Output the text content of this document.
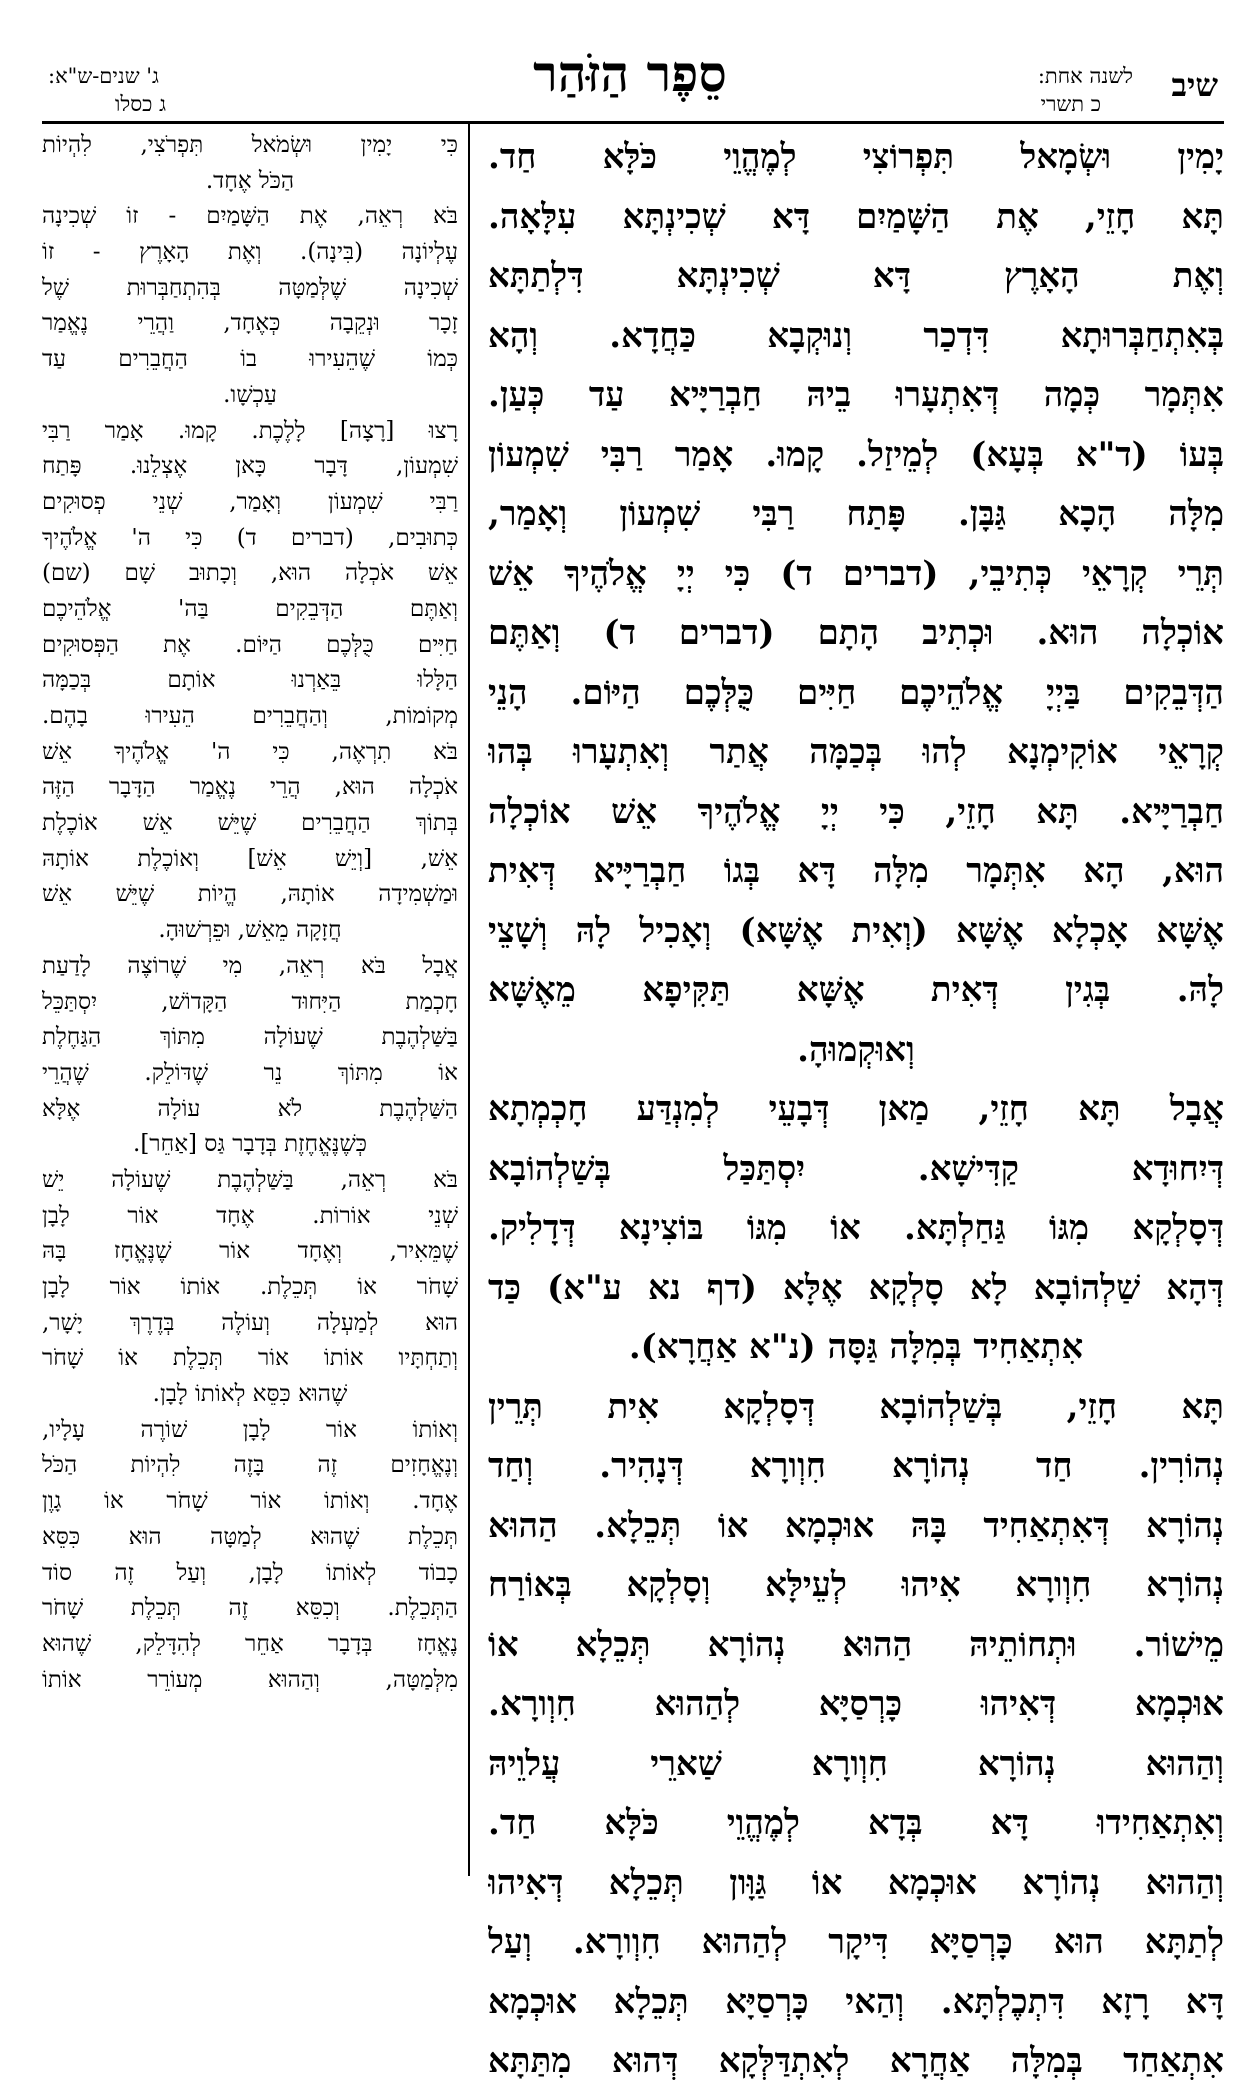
שיב
לשנה אחת:
כ תשרי
סֵפֶר הַזֹּהַר
ג' שנים-ש"א:
ג כסלו
יָמִין וּשְׂמָאל תִּפְרוֹצִי לְמֶהֱוֵי כֹּלָּא חַד.
תָּא חָזֵי, אֶת הַשָּׁמַיִם דָּא שְׁכִינְתָּא עִלָּאָה.
וְאֶת הָאָרֶץ דָּא שְׁכִינְתָּא דִּלְתַתָּא
בְּאִתְחַבְּרוּתָא דִּדְכַר וְנוּקְבָא כַּחֲדָא. וְהָא
אִתְּמָר כְּמָה דְּאִתְעָרוּ בֵיהּ חַבְרַיָּיא עַד כְּעַן.
בְּעוֹ (ד"א בְּעָא) לְמֵיזַל. קָמוּ. אָמַר רַבִּי שִׁמְעוֹן
מִלָּה הָכָא גַּבָּן. פָּתַח רַבִּי שִׁמְעוֹן וְאָמַר,
תְּרֵי קְרָאֵי כְּתִיבֵי, (דברים ד) כִּי יְיָ אֱלֹהֶיךָ אֵשׁ
אוֹכְלָה הוּא. וּכְתִיב הָתָם (דברים ד) וְאַתֶּם
הַדְּבֵקִים בַּיְיָ אֱלֹהֵיכֶם חַיִּים כֻּלְּכֶם הַיּוֹם. הָנֵי
קְרָאֵי אוֹקִימְנָא לְהוּ בְּכַמָּה אֲתַר וְאִתְעָרוּ בְּהוּ
חַבְרַיָּיא. תָּא חָזֵי, כִּי יְיָ אֱלֹהֶיךָ אֵשׁ אוֹכְלָה
הוּא, הָא אִתְּמָר מִלָּה דָּא בְּגוֹ חַבְרַיָּיא דְּאִית
אֶשָּׁא אָכְלָא אֶשָּׁא (וְאִית אֶשָּׁא) וְאָכִיל לָהּ וְשָׁצֵי
לָהּ. בְּגִין דְּאִית אֶשָּׁא תַּקִּיפָא מֵאֶשָּׁא
וְאוּקְמוּהָ.
אֲבָל תָּא חָזֵי, מַאן דְּבָעֵי לְמִנְדַּע חָכְמְתָא
דְּיִחוּדָא קַדִּישָׁא. יִסְתַּכַּל בְּשַׁלְהוֹבָא
דְּסָלְקָא מִגּוֹ גַּחַלְתָּא. אוֹ מִגּוֹ בּוֹצִינָא דְּדָלִיק.
דְּהָא שַׁלְהוֹבָא לָא סָלְקָא אֶלָּא (דף נא ע"א) כַּד
אִתְאַחִיד בְּמִלָּה גַּסָּה (נ"א אַחֲרָא).
תָּא חָזֵי, בְּשַׁלְהוֹבָא דְּסָלְקָא אִית תְּרֵין
נְהוֹרִין. חַד נְהוֹרָא חִוְורָא דְּנָהִיר. וְחַד
נְהוֹרָא דְּאִתְאַחִיד בָּהּ אוּכְמָא אוֹ תְּכֵלָא. הַהוּא
נְהוֹרָא חִוְורָא אִיהוּ לְעֵילָּא וְסָלְקָא בְּאוֹרַח
מֵישׁוֹר. וּתְחוֹתֵיהּ הַהוּא נְהוֹרָא תְּכֵלָא אוֹ
אוּכְמָא דְּאִיהוּ כָּרְסַיָּא לְהַהוּא חִוְורָא.
וְהַהוּא נְהוֹרָא חִוְורָא שַׁארֵי עֲלוֵיהּ
וְאִתְאַחִידוּ דָּא בְּדָא לְמֶהֱוֵי כֹּלָּא חַד.
וְהַהוּא נְהוֹרָא אוּכְמָא אוֹ גַּוָּון תְּכֵלָא דְּאִיהוּ
לְתַתָּא הוּא כָּרְסַיָּא דִּיקָר לְהַהוּא חִוְורָא. וְעַל
דָּא רָזָא דִּתְכֶלְתָּא. וְהַאי כָּרְסַיָּא תְּכֵלָא אוּכְמָא
אִתְאַחַד בְּמִלָּה אַחֲרָא לְאִתְדַּלְּקָא דְּהוּא מִתַּתָּא
כִּי יָמִין וּשְׂמֹאל תִּפְרֹצִי, לִהְיוֹת
הַכֹּל אֶחָד.
בֹּא רְאֵה, אֶת הַשָּׁמַיִם - זוֹ שְׁכִינָה
עֶלְיוֹנָה (בִּינָה). וְאֶת הָאָרֶץ - זוֹ
שְׁכִינָה שֶׁלְּמַטָּה בְּהִתְחַבְּרוּת שֶׁל
זָכָר וּנְקֵבָה כְּאֶחָד, וַהֲרֵי נֶאֱמַר
כְּמוֹ שֶׁהֵעִירוּ בוֹ הַחֲבֵרִים עַד
עַכְשָׁו.
רָצוּ [רָצָה] לָלֶכֶת. קָמוּ. אָמַר רַבִּי
שִׁמְעוֹן, דָּבָר כָּאן אֶצְלֵנוּ. פָּתַח
רַבִּי שִׁמְעוֹן וְאָמַר, שְׁנֵי פְסוּקִים
כְּתוּבִים, (דברים ד) כִּי ה' אֱלֹהֶיךָ
אֵשׁ אֹכְלָה הוּא, וְכָתוּב שָׁם (שם)
וְאַתֶּם הַדְּבֵקִים בַּה' אֱלֹהֵיכֶם
חַיִּים כֻּלְּכֶם הַיּוֹם. אֶת הַפְּסוּקִים
הַלָּלוּ בֵּאַרְנוּ אוֹתָם בְּכַמָּה
מְקוֹמוֹת, וְהַחֲבֵרִים הֵעִירוּ בָהֶם.
בֹּא תִרְאֶה, כִּי ה' אֱלֹהֶיךָ אֵשׁ
אֹכְלָה הוּא, הֲרֵי נֶאֱמַר הַדָּבָר הַזֶּה
בְּתוֹךְ הַחֲבֵרִים שֶׁיֵּשׁ אֵשׁ אוֹכֶלֶת
אֵשׁ, [וְיֵשׁ אֵשׁ] וְאוֹכֶלֶת אוֹתָהּ
וּמַשְׁמִידָה אוֹתָהּ, הֱיוֹת שֶׁיֵּשׁ אֵשׁ
חֲזָקָה מֵאֵשׁ, וּפֵרְשׁוּהָ.
אֲבָל בֹּא רְאֵה, מִי שֶׁרוֹצֶה לָדַעַת
חָכְמַת הַיִּחוּד הַקָּדוֹשׁ, יִסְתַּכֵּל
בַּשַּׁלְהֶבֶת שֶׁעוֹלָה מִתּוֹךְ הַגַּחֶלֶת
אוֹ מִתּוֹךְ נֵר שֶׁדּוֹלֵק. שֶׁהֲרֵי
הַשַּׁלְהֶבֶת לֹא עוֹלָה אֶלָּא
כְּשֶׁנֶּאֱחֶזֶת בְּדָבָר גַּס [אַחֵר].
בֹּא רְאֵה, בַּשַּׁלְהֶבֶת שֶׁעוֹלָה יֵשׁ
שְׁנֵי אוֹרוֹת. אֶחָד אוֹר לָבָן
שֶׁמֵּאִיר, וְאֶחָד אוֹר שֶׁנֶּאֱחָז בָּהּ
שָׁחֹר אוֹ תְּכֵלֶת. אוֹתוֹ אוֹר לָבָן
הוּא לְמַעְלָה וְעוֹלֶה בְּדֶרֶךְ יָשָׁר,
וְתַחְתָּיו אוֹתוֹ אוֹר תְּכֵלֶת אוֹ שָׁחֹר
שֶׁהוּא כִּסֵּא לְאוֹתוֹ לָבָן.
וְאוֹתוֹ אוֹר לָבָן שׁוֹרֶה עָלָיו,
וְנֶאֱחָזִים זֶה בָּזֶה לִהְיוֹת הַכֹּל
אֶחָד. וְאוֹתוֹ אוֹר שָׁחֹר אוֹ גָוֶן
תְּכֵלֶת שֶׁהוּא לְמַטָּה הוּא כִּסֵּא
כָבוֹד לְאוֹתוֹ לָבָן, וְעַל זֶה סוֹד
הַתְּכֵלֶת. וְכִסֵּא זֶה תְּכֵלֶת שָׁחֹר
נֶאֱחָז בְּדָבָר אַחֵר לְהִדָּלֵק, שֶׁהוּא
מִלְּמַטָּה, וְהַהוּא מְעוֹרֵר אוֹתוֹ
